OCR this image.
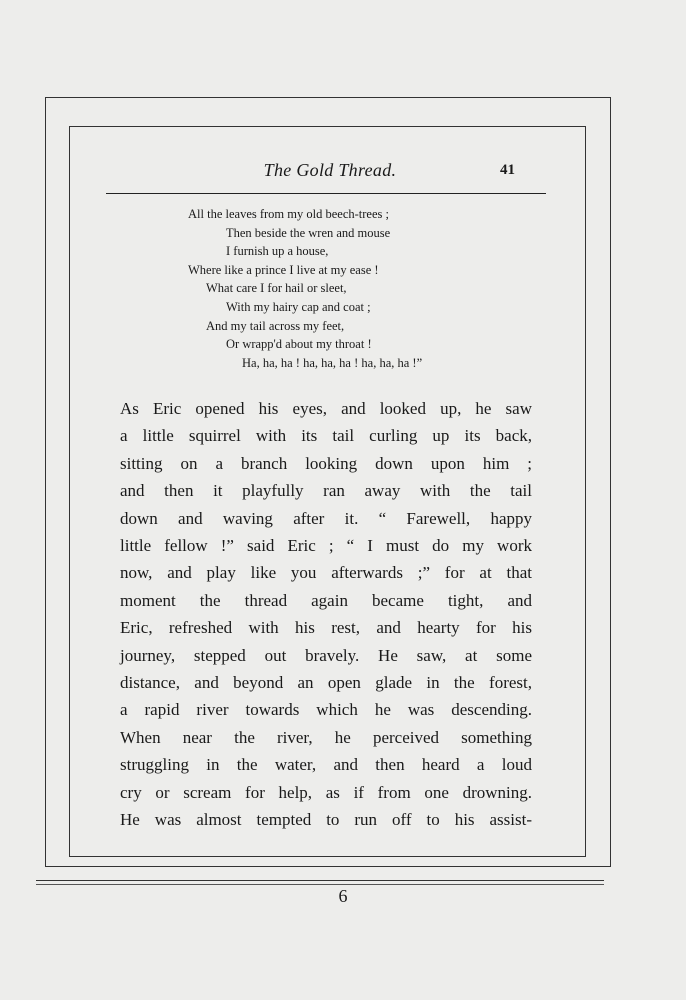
The Gold Thread.	41
All the leaves from my old beech-trees ;
Then beside the wren and mouse
I furnish up a house,
Where like a prince I live at my ease !
What care I for hail or sleet,
With my hairy cap and coat ;
And my tail across my feet,
Or wrapp'd about my throat !
Ha, ha, ha ! ha, ha, ha ! ha, ha, ha !”
As Eric opened his eyes, and looked up, he saw
a little squirrel with its tail curling up its back,
sitting on a branch looking down upon him ;
and then it playfully ran away with the tail
down and waving after it. “ Farewell, happy
little fellow !” said Eric ; “ I must do my work
now, and play like you afterwards ;” for at that
moment the thread again became tight, and
Eric, refreshed with his rest, and hearty for his
journey, stepped out bravely. He saw, at some
distance, and beyond an open glade in the forest,
a rapid river towards which he was descending.
When near the river, he perceived something
struggling in the water, and then heard a loud
cry or scream for help, as if from one drowning.
He was almost tempted to run off to his assist-
6
